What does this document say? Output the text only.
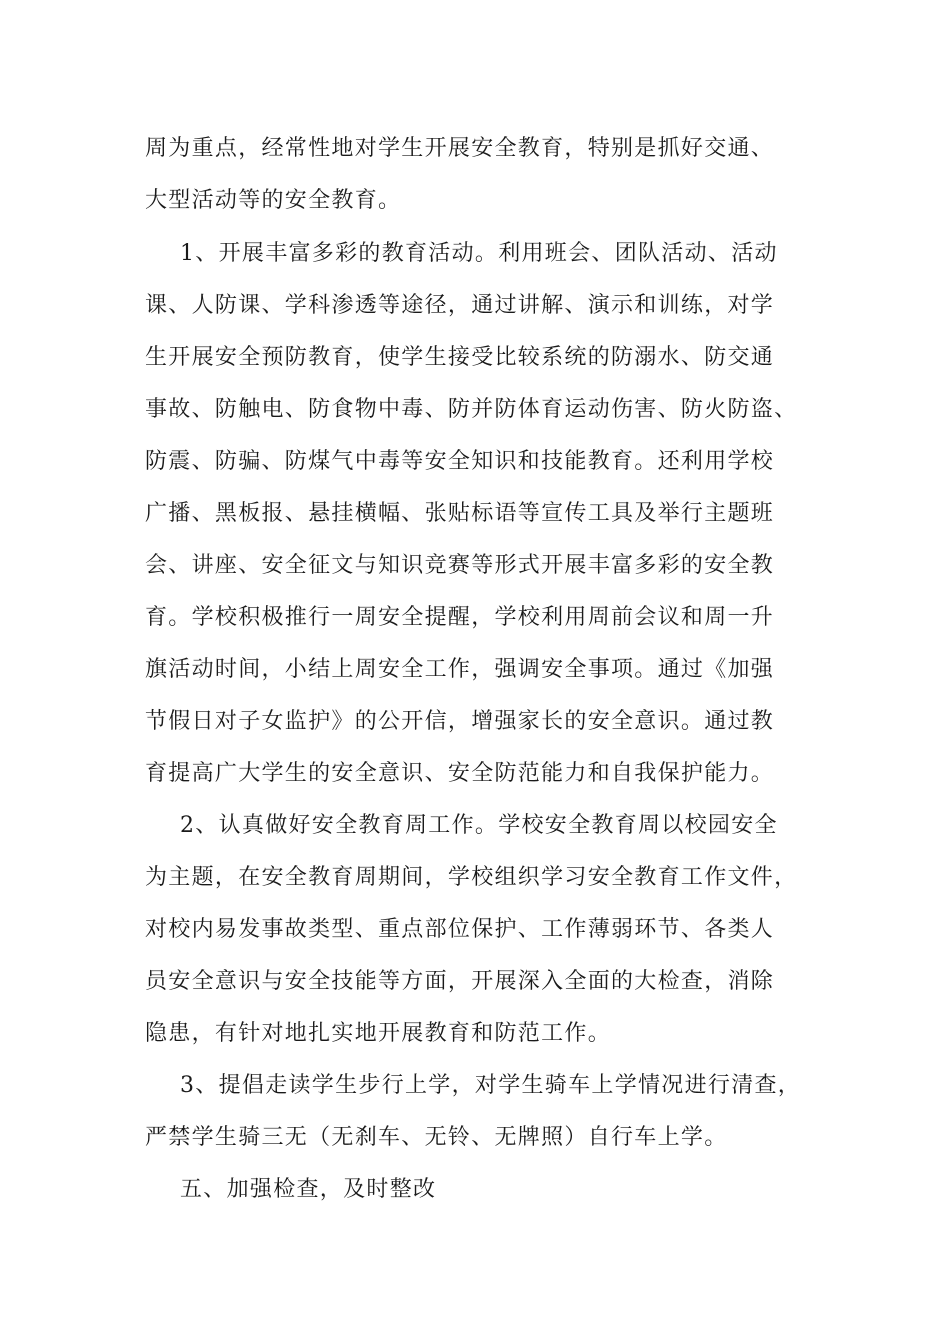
周为重点，经常性地对学生开展安全教育，特别是抓好交通、
大型活动等的安全教育。
1、开展丰富多彩的教育活动。利用班会、团队活动、活动
课、人防课、学科渗透等途径，通过讲解、演示和训练，对学
生开展安全预防教育，使学生接受比较系统的防溺水、防交通
事故、防触电、防食物中毒、防并防体育运动伤害、防火防盗、
防震、防骗、防煤气中毒等安全知识和技能教育。还利用学校
广播、黑板报、悬挂横幅、张贴标语等宣传工具及举行主题班
会、讲座、安全征文与知识竞赛等形式开展丰富多彩的安全教
育。学校积极推行一周安全提醒，学校利用周前会议和周一升
旗活动时间，小结上周安全工作，强调安全事项。通过《加强
节假日对子女监护》的公开信，增强家长的安全意识。通过教
育提高广大学生的安全意识、安全防范能力和自我保护能力。
2、认真做好安全教育周工作。学校安全教育周以校园安全
为主题，在安全教育周期间，学校组织学习安全教育工作文件，
对校内易发事故类型、重点部位保护、工作薄弱环节、各类人
员安全意识与安全技能等方面，开展深入全面的大检查，消除
隐患，有针对地扎实地开展教育和防范工作。
3、提倡走读学生步行上学，对学生骑车上学情况进行清查，
严禁学生骑三无（无刹车、无铃、无牌照）自行车上学。
五、加强检查，及时整改
